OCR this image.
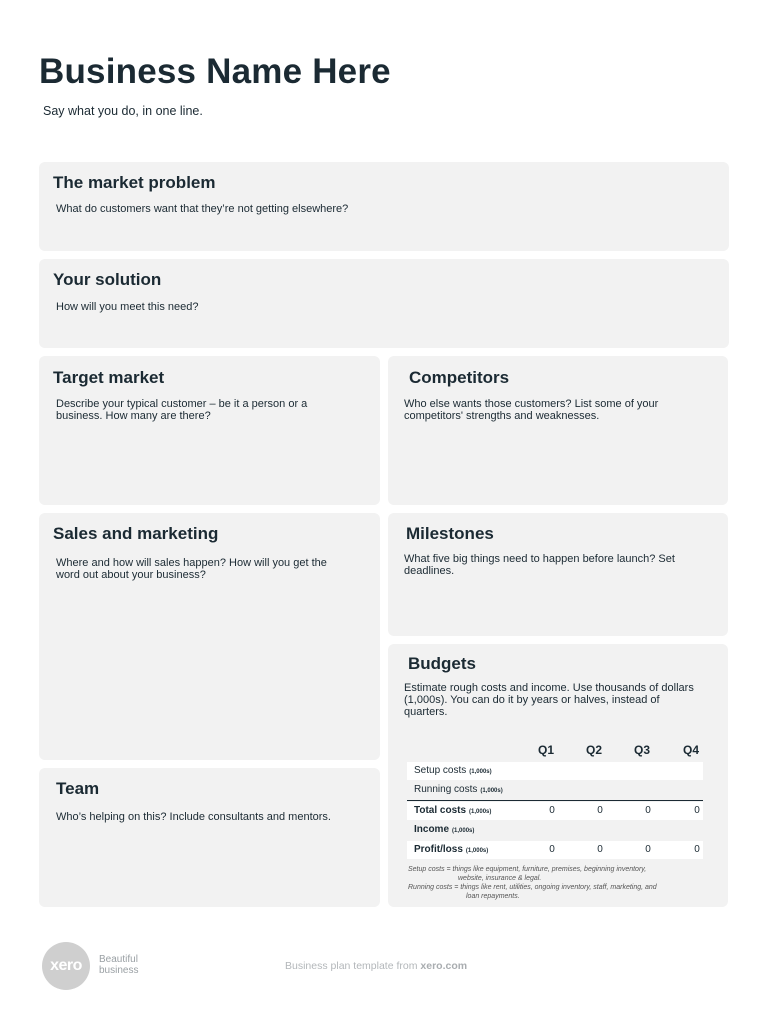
Business Name Here
Say what you do, in one line.
The market problem

What do customers want that they’re not getting elsewhere?

Your solution

How will you meet this need?

Target market

Describe your typical customer – be it a person or a

business. How many are there?

Competitors

Who else wants those customers? List some of your

competitors' strengths and weaknesses.

Sales and marketing

Where and how will sales happen? How will you get the

word out about your business?

Milestones

What five big things need to happen before launch? Set

deadlines.

Team

Who’s helping on this? Include consultants and mentors.

Budgets

Estimate rough costs and income. Use thousands of dollars

(1,000s). You can do it by years or halves, instead of

quarters.

Q1	Q2	Q3	Q4
Setup costs (1,000s)
Running costs (1,000s)
Total costs (1,000s)	0	0	0	0
Income (1,000s)
Profit/loss (1,000s)	0	0	0	0
Setup costs = things like equipment, furniture, premises, beginning inventory,
website, insurance & legal.
Running costs = things like rent, utilities, ongoing inventory, staff, marketing, and
loan repayments.
xero	Beautiful
business	Business plan template from xero.com
